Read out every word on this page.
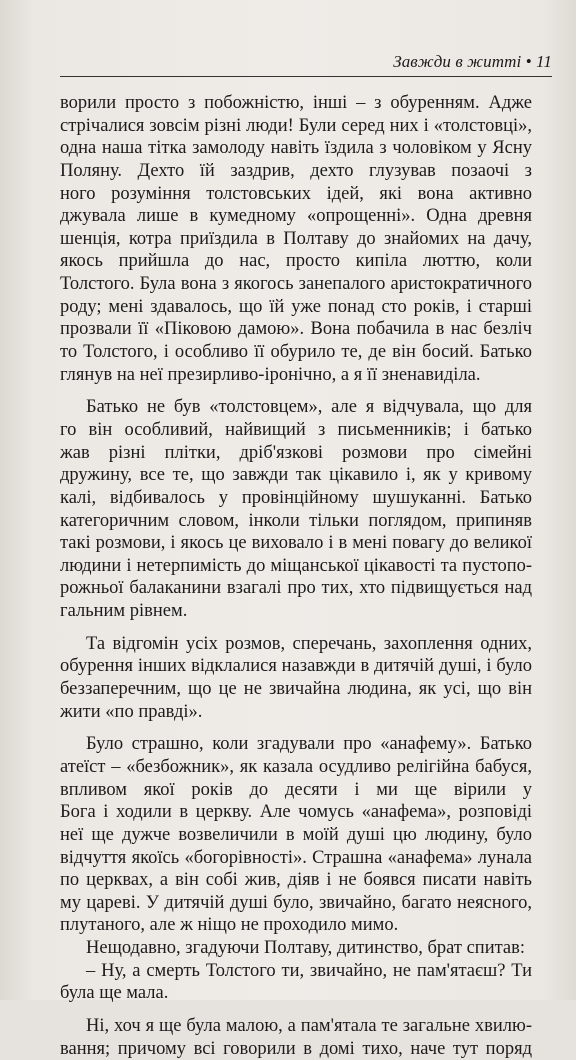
Завжди в житті • 11

ворили просто з побожністю, інші – з обуренням. Адже
стрічалися зовсім різні люди! Були серед них і «толстовці»,
одна наша тітка замолоду навіть їздила з чоловіком у Ясну
Поляну. Дехто їй заздрив, дехто глузував позаочі з
ного розуміння толстовських ідей, які вона активно
джувала лише в кумедному «опрощенні». Одна древня
шенція, котра приїздила в Полтаву до знайомих на дачу,
якось прийшла до нас, просто кипіла люттю, коли
Толстого. Була вона з якогось занепалого аристократичного
роду; мені здавалось, що їй уже понад сто років, і старші
прозвали її «Піковою дамою». Вона побачила в нас безліч
то Толстого, і особливо її обурило те, де він босий. Батько
глянув на неї презирливо-іронічно, а я її зненавиділа.

Батько не був «толстовцем», але я відчувала, що для
го він особливий, найвищий з письменників; і батько
жав різні плітки, дріб'язкові розмови про сімейні
дружину, все те, що завжди так цікавило і, як у кривому
калі, відбивалось у провінційному шушуканні. Батько
категоричним словом, інколи тільки поглядом, припиняв
такі розмови, і якось це виховало і в мені повагу до великої
людини і нетерпимість до міщанської цікавості та пустопо-
рожньої балаканини взагалі про тих, хто підвищується над
гальним рівнем.

Та відгомін усіх розмов, сперечань, захоплення одних,
обурення інших відклалися назавжди в дитячій душі, і було
беззаперечним, що це не звичайна людина, як усі, що він
жити «по правді».

Було страшно, коли згадували про «анафему». Батько
атеїст – «безбожник», як казала осудливо релігійна бабуся,
впливом якої років до десяти і ми ще вірили у
Бога і ходили в церкву. Але чомусь «анафема», розповіді
неї ще дужче возвеличили в моїй душі цю людину, було
відчуття якоїсь «богорівності». Страшна «анафема» лунала
по церквах, а він собі жив, діяв і не боявся писати навіть
му цареві. У дитячій душі було, звичайно, багато неясного,
плутаного, але ж ніщо не проходило мимо.

Нещодавно, згадуючи Полтаву, дитинство, брат спитав:
– Ну, а смерть Толстого ти, звичайно, не пам'ятаєш? Ти
була ще мала.

Ні, хоч я ще була малою, а пам'ятала те загальне хвилю-
вання; причому всі говорили в домі тихо, наче тут поряд
